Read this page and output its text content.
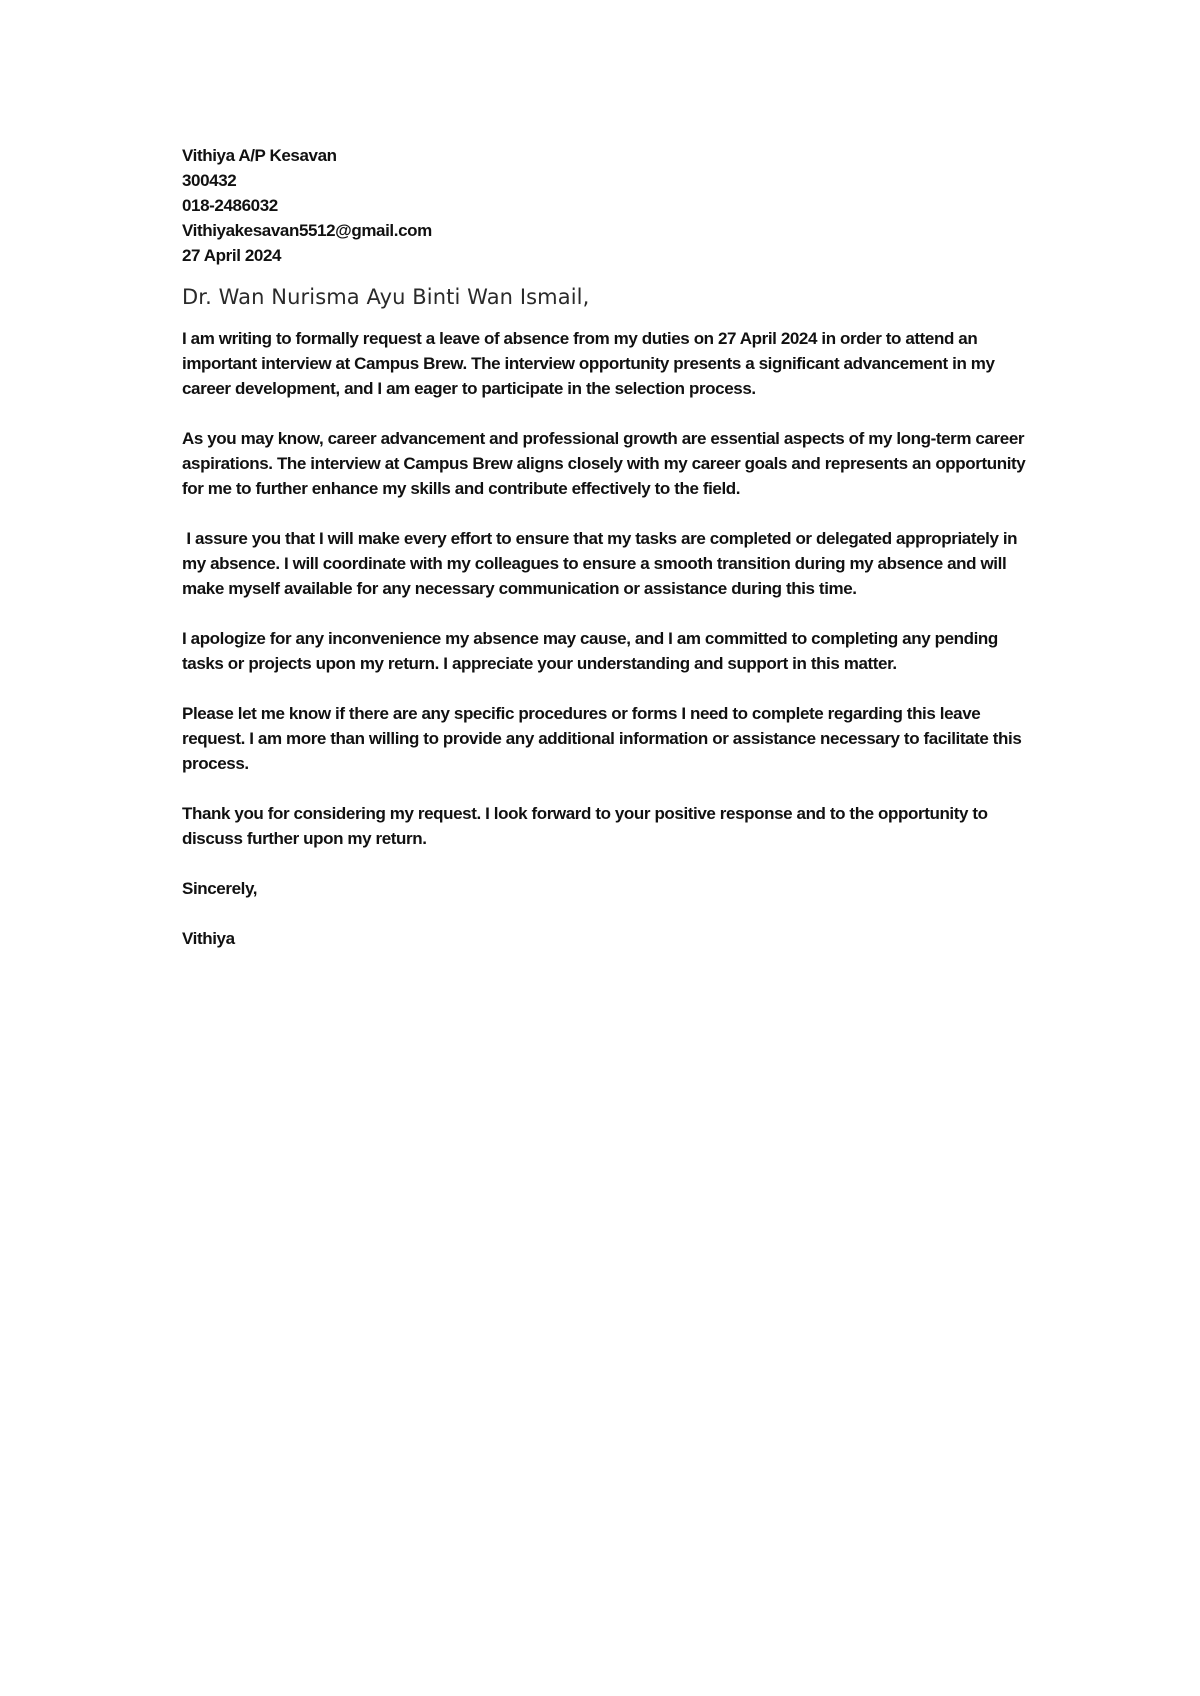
Vithiya A/P Kesavan
300432
018-2486032
Vithiyakesavan5512@gmail.com
27 April 2024
Dr. Wan Nurisma Ayu Binti Wan Ismail,

I am writing to formally request a leave of absence from my duties on 27 April 2024 in order to attend an important interview at Campus Brew. The interview opportunity presents a significant advancement in my career development, and I am eager to participate in the selection process.

As you may know, career advancement and professional growth are essential aspects of my long-term career aspirations. The interview at Campus Brew aligns closely with my career goals and represents an opportunity for me to further enhance my skills and contribute effectively to the field.

I assure you that I will make every effort to ensure that my tasks are completed or delegated appropriately in my absence. I will coordinate with my colleagues to ensure a smooth transition during my absence and will make myself available for any necessary communication or assistance during this time.

I apologize for any inconvenience my absence may cause, and I am committed to completing any pending tasks or projects upon my return. I appreciate your understanding and support in this matter.

Please let me know if there are any specific procedures or forms I need to complete regarding this leave request. I am more than willing to provide any additional information or assistance necessary to facilitate this process.

Thank you for considering my request. I look forward to your positive response and to the opportunity to discuss further upon my return.

Sincerely,

Vithiya
